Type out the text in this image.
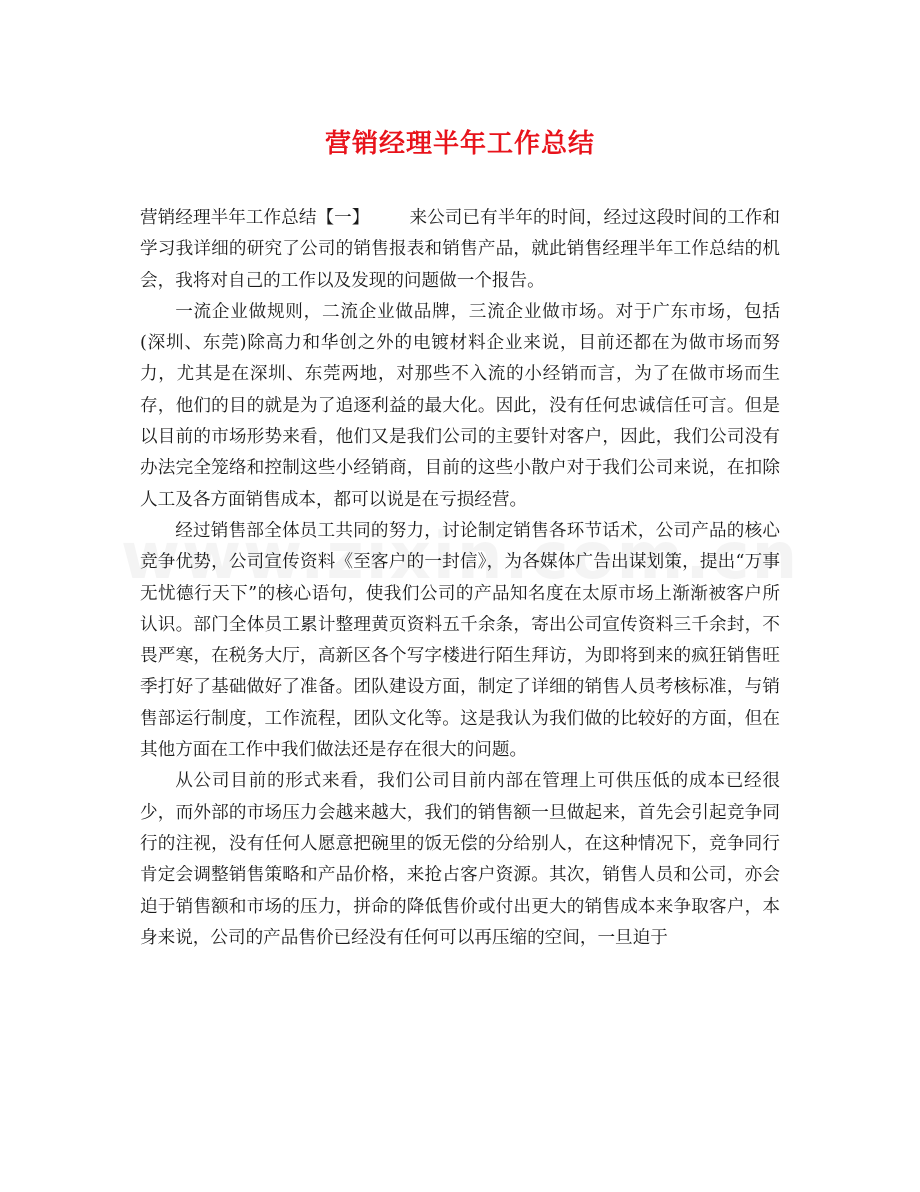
营销经理半年工作总结

营销经理半年工作总结【一】 来公司已有半年的时间，经过这段时间的工作和学习我详细的研究了公司的销售报表和销售产品，就此销售经理半年工作总结的机会，我将对自己的工作以及发现的问题做一个报告。

一流企业做规则，二流企业做品牌，三流企业做市场。对于广东市场，包括(深圳、东莞)除高力和华创之外的电镀材料企业来说，目前还都在为做市场而努力，尤其是在深圳、东莞两地，对那些不入流的小经销而言，为了在做市场而生存，他们的目的就是为了追逐利益的最大化。因此，没有任何忠诚信任可言。但是以目前的市场形势来看，他们又是我们公司的主要针对客户，因此，我们公司没有办法完全笼络和控制这些小经销商，目前的这些小散户对于我们公司来说，在扣除人工及各方面销售成本，都可以说是在亏损经营。

经过销售部全体员工共同的努力，讨论制定销售各环节话术，公司产品的核心竞争优势，公司宣传资料《至客户的一封信》，为各媒体广告出谋划策，提出“万事无忧德行天下”的核心语句，使我们公司的产品知名度在太原市场上渐渐被客户所认识。部门全体员工累计整理黄页资料五千余条，寄出公司宣传资料三千余封，不畏严寒，在税务大厅，高新区各个写字楼进行陌生拜访，为即将到来的疯狂销售旺季打好了基础做好了准备。团队建设方面，制定了详细的销售人员考核标准，与销售部运行制度，工作流程，团队文化等。这是我认为我们做的比较好的方面，但在其他方面在工作中我们做法还是存在很大的问题。

从公司目前的形式来看，我们公司目前内部在管理上可供压低的成本已经很少，而外部的市场压力会越来越大，我们的销售额一旦做起来，首先会引起竞争同行的注视，没有任何人愿意把碗里的饭无偿的分给别人，在这种情况下，竞争同行肯定会调整销售策略和产品价格，来抢占客户资源。其次，销售人员和公司，亦会迫于销售额和市场的压力，拼命的降低售价或付出更大的销售成本来争取客户，本身来说，公司的产品售价已经没有任何可以再压缩的空间，一旦迫于
